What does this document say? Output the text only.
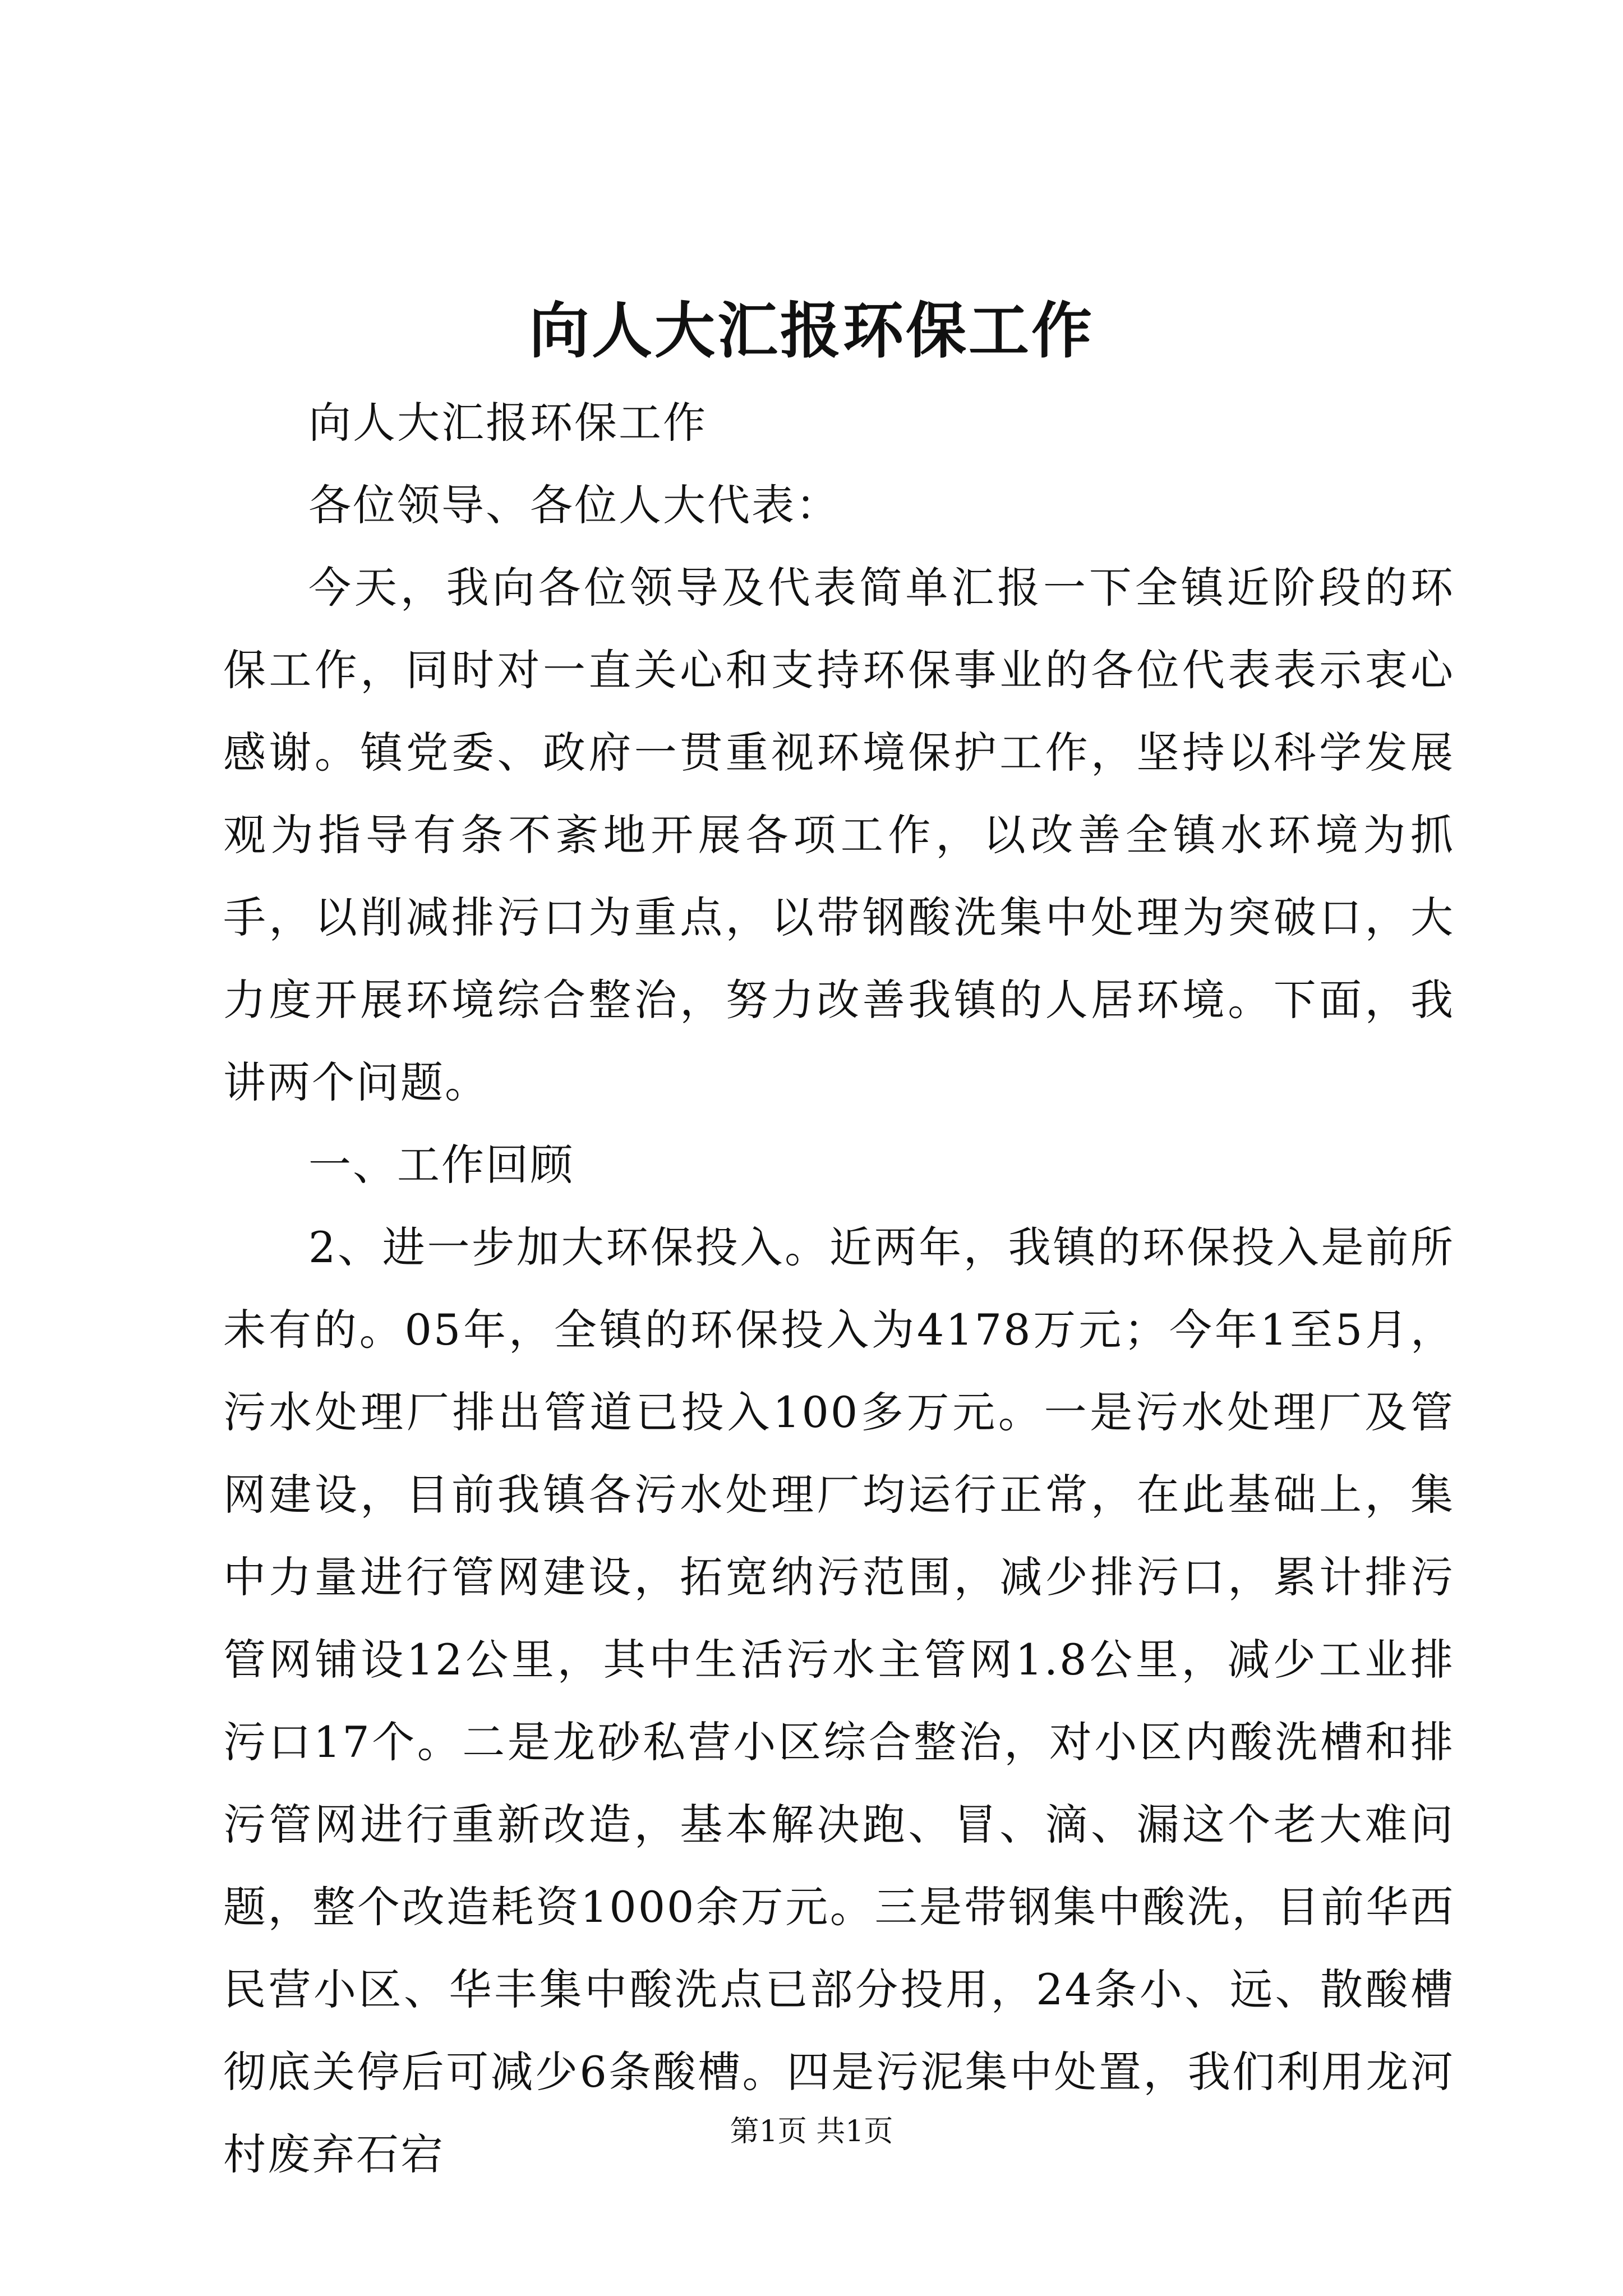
向人大汇报环保工作

向人大汇报环保工作

各位领导、各位人大代表：

今天，我向各位领导及代表简单汇报一下全镇近阶段的环保工作，同时对一直关心和支持环保事业的各位代表表示衷心感谢。镇党委、政府一贯重视环境保护工作，坚持以科学发展观为指导有条不紊地开展各项工作，以改善全镇水环境为抓手，以削减排污口为重点，以带钢酸洗集中处理为突破口，大力度开展环境综合整治，努力改善我镇的人居环境。下面，我讲两个问题。

一、工作回顾

2、进一步加大环保投入。近两年，我镇的环保投入是前所未有的。05年，全镇的环保投入为4178万元；今年1至5月，污水处理厂排出管道已投入100多万元。一是污水处理厂及管网建设，目前我镇各污水处理厂均运行正常，在此基础上，集中力量进行管网建设，拓宽纳污范围，减少排污口，累计排污管网铺设12公里，其中生活污水主管网1.8公里，减少工业排污口17个。二是龙砂私营小区综合整治，对小区内酸洗槽和排污管网进行重新改造，基本解决跑、冒、滴、漏这个老大难问题，整个改造耗资1000余万元。三是带钢集中酸洗，目前华西民营小区、华丰集中酸洗点已部分投用，24条小、远、散酸槽彻底关停后可减少6条酸槽。四是污泥集中处置，我们利用龙河村废弃石宕	第1页 共1页
